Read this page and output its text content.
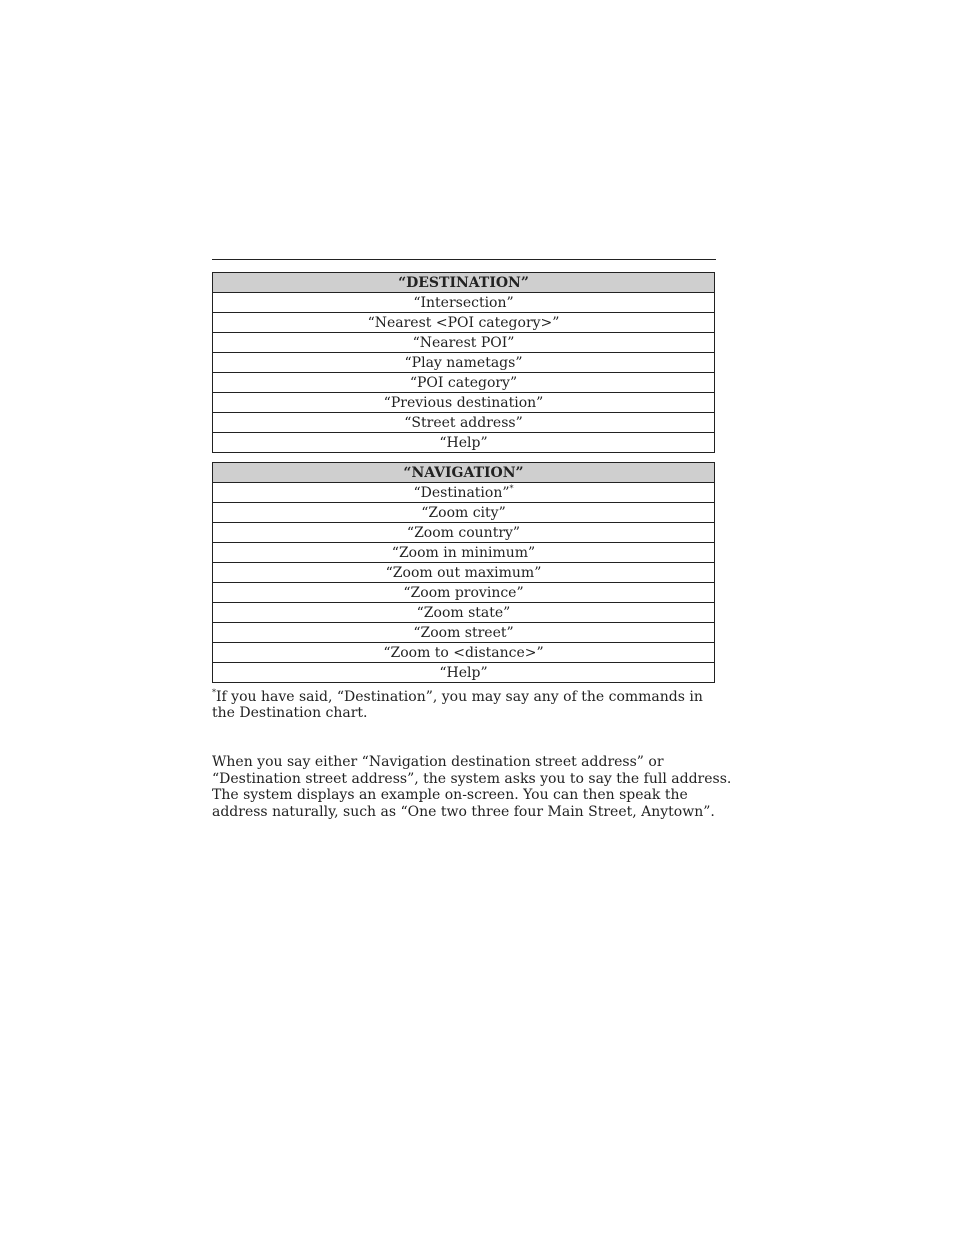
“DESTINATION”
“Intersection”
“Nearest <POI category>”
“Nearest POI”
“Play nametags”
“POI category”
“Previous destination”
“Street address”
“Help”
“NAVIGATION”
“Destination”*
“Zoom city”
“Zoom country”
“Zoom in minimum”
“Zoom out maximum”
“Zoom province”
“Zoom state”
“Zoom street”
“Zoom to <distance>”
“Help”
*If you have said, “Destination”, you may say any of the commands in the Destination chart.
When you say either “Navigation destination street address” or
“Destination street address”, the system asks you to say the full address.
The system displays an example on-screen. You can then speak the
address naturally, such as “One two three four Main Street, Anytown”.
